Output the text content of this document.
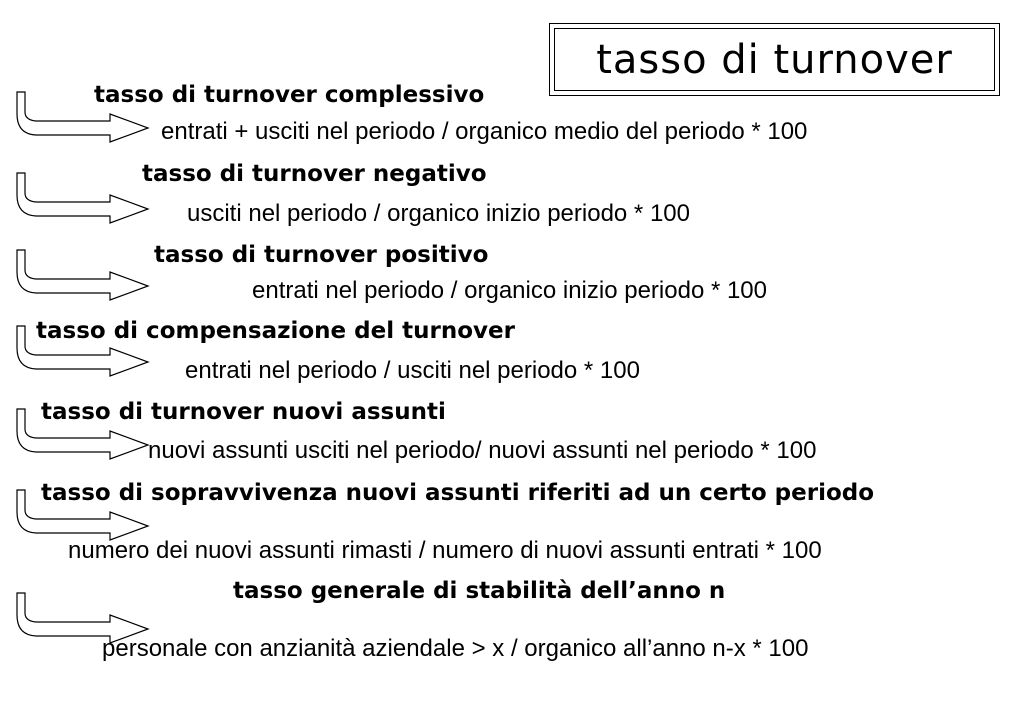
tasso di turnover
tasso di turnover complessivo
entrati + usciti nel periodo / organico medio del periodo * 100
tasso di turnover negativo
usciti nel periodo / organico inizio periodo * 100
tasso di turnover positivo
entrati nel periodo / organico inizio periodo * 100
tasso di compensazione del turnover
entrati nel periodo / usciti nel periodo * 100
tasso di turnover nuovi assunti
nuovi assunti usciti nel periodo/ nuovi assunti nel periodo * 100
tasso di sopravvivenza nuovi assunti riferiti ad un certo periodo
numero dei nuovi assunti rimasti / numero di nuovi assunti entrati * 100
tasso generale di stabilità dell’anno n
personale con anzianità aziendale > x / organico all’anno n-x * 100
